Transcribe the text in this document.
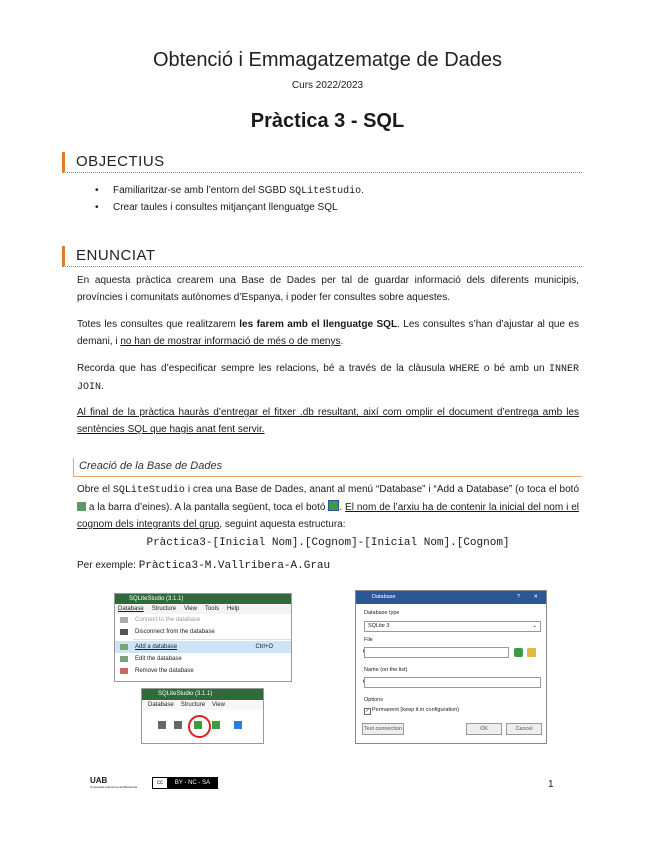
Obtenció i Emmagatzematge de Dades
Curs 2022/2023
Pràctica 3 - SQL
OBJECTIUS
• Familiaritzar-se amb l’entorn del SGBD SQLiteStudio.
• Crear taules i consultes mitjançant llenguatge SQL
ENUNCIAT
En aquesta pràctica crearem una Base de Dades per tal de guardar informació dels diferents municipis, províncies i comunitats autònomes d’Espanya, i poder fer consultes sobre aquestes.
Totes les consultes que realitzarem les farem amb el llenguatge SQL. Les consultes s’han d’ajustar al que es demani, i no han de mostrar informació de més o de menys.
Recorda que has d’especificar sempre les relacions, bé a través de la clàusula WHERE o bé amb un INNER JOIN.
Al final de la pràctica hauràs d’entregar el fitxer .db resultant, així com omplir el document d’entrega amb les sentències SQL que hagis anat fent servir.
Creació de la Base de Dades
Obre el SQLiteStudio i crea una Base de Dades, anant al menú “Database” i “Add a Database” (o toca el botó  a la barra d’eines). A la pantalla següent, toca el botó . El nom de l’arxiu ha de contenir la inicial del nom i el cognom dels integrants del grup, seguint aquesta estructura:
Pràctica3-[Inicial Nom].[Cognom]-[Inicial Nom].[Cognom]
Per exemple: Pràctica3-M.Vallribera-A.Grau
SQLiteStudio (3.1.1)
Database Structure View Tools Help
Connect to the database
Disconnect from the database
Add a database	Ctrl+O
Edit the database
Remove the database
SQLiteStudio (3.1.1)
Database Structure View
Database	? ✕
Database type
SQLite 3	⌄
File
Name (on the list)
Options
✓ Permanent (keep it in configuration)
Test connection	OK	Cancel
UAB
Universitat Autònoma de Barcelona
cc	BY - NC - SA	1
